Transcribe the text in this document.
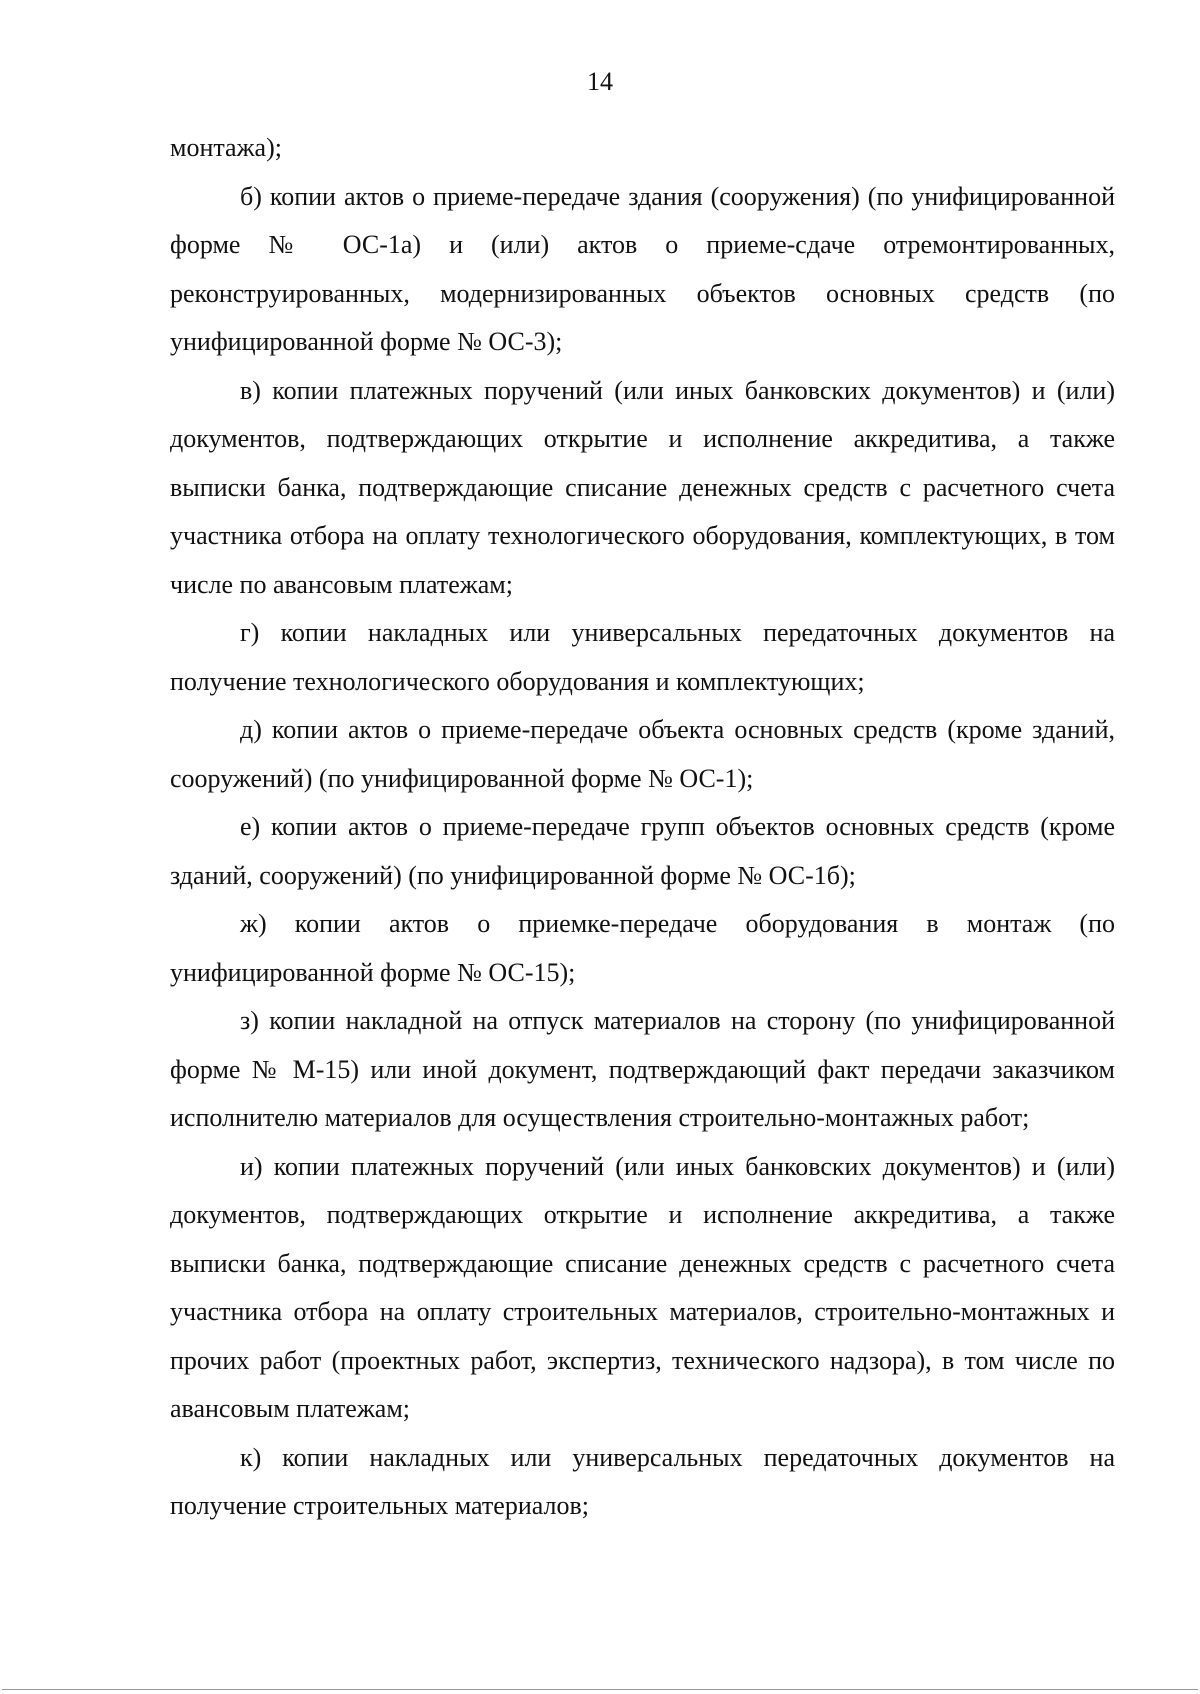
14

монтажа);

б) копии актов о приеме-передаче здания (сооружения) (по унифицированной форме № ОС-1а) и (или) актов о приеме-сдаче отремонтированных, реконструированных, модернизированных объектов основных средств (по унифицированной форме № ОС-3);

в) копии платежных поручений (или иных банковских документов) и (или) документов, подтверждающих открытие и исполнение аккредитива, а также выписки банка, подтверждающие списание денежных средств с расчетного счета участника отбора на оплату технологического оборудования, комплектующих, в том числе по авансовым платежам;

г) копии накладных или универсальных передаточных документов на получение технологического оборудования и комплектующих;

д) копии актов о приеме-передаче объекта основных средств (кроме зданий, сооружений) (по унифицированной форме № ОС-1);

е) копии актов о приеме-передаче групп объектов основных средств (кроме зданий, сооружений) (по унифицированной форме № ОС-1б);

ж) копии актов о приемке-передаче оборудования в монтаж (по унифицированной форме № ОС-15);

з) копии накладной на отпуск материалов на сторону (по унифицированной форме № М-15) или иной документ, подтверждающий факт передачи заказчиком исполнителю материалов для осуществления строительно-монтажных работ;

и) копии платежных поручений (или иных банковских документов) и (или) документов, подтверждающих открытие и исполнение аккредитива, а также выписки банка, подтверждающие списание денежных средств с расчетного счета участника отбора на оплату строительных материалов, строительно-монтажных и прочих работ (проектных работ, экспертиз, технического надзора), в том числе по авансовым платежам;

к) копии накладных или универсальных передаточных документов на получение строительных материалов;
